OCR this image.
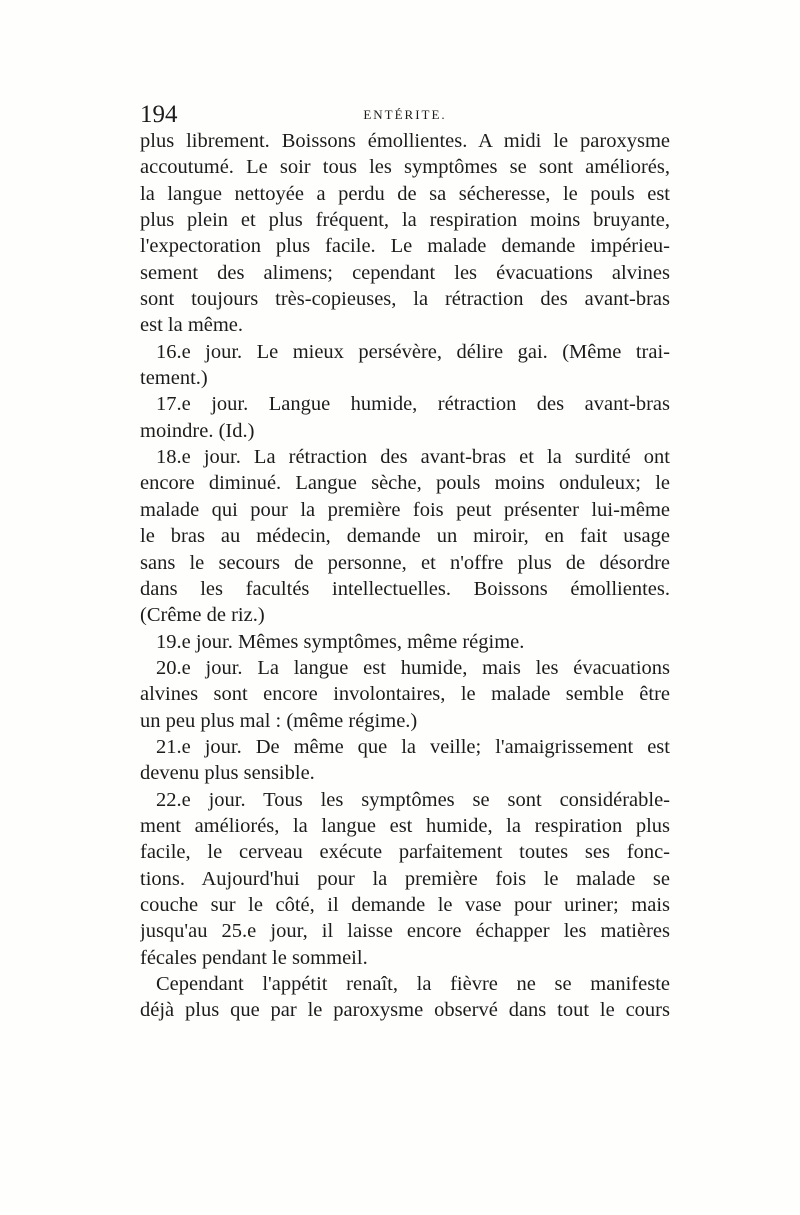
194	ENTÉRITE.
plus librement. Boissons émollientes. A midi le paroxysme
accoutumé. Le soir tous les symptômes se sont améliorés,
la langue nettoyée a perdu de sa sécheresse, le pouls est
plus plein et plus fréquent, la respiration moins bruyante,
l'expectoration plus facile. Le malade demande impérieu-
sement des alimens; cependant les évacuations alvines
sont toujours très-copieuses, la rétraction des avant-bras
est la même.
16.e jour. Le mieux persévère, délire gai. (Même trai-
tement.)
17.e jour. Langue humide, rétraction des avant-bras
moindre. (Id.)
18.e jour. La rétraction des avant-bras et la surdité ont
encore diminué. Langue sèche, pouls moins onduleux; le
malade qui pour la première fois peut présenter lui-même
le bras au médecin, demande un miroir, en fait usage
sans le secours de personne, et n'offre plus de désordre
dans les facultés intellectuelles. Boissons émollientes.
(Crême de riz.)
19.e jour. Mêmes symptômes, même régime.
20.e jour. La langue est humide, mais les évacuations
alvines sont encore involontaires, le malade semble être
un peu plus mal : (même régime.)
21.e jour. De même que la veille; l'amaigrissement est
devenu plus sensible.
22.e jour. Tous les symptômes se sont considérable-
ment améliorés, la langue est humide, la respiration plus
facile, le cerveau exécute parfaitement toutes ses fonc-
tions. Aujourd'hui pour la première fois le malade se
couche sur le côté, il demande le vase pour uriner; mais
jusqu'au 25.e jour, il laisse encore échapper les matières
fécales pendant le sommeil.
Cependant l'appétit renaît, la fièvre ne se manifeste
déjà plus que par le paroxysme observé dans tout le cours
